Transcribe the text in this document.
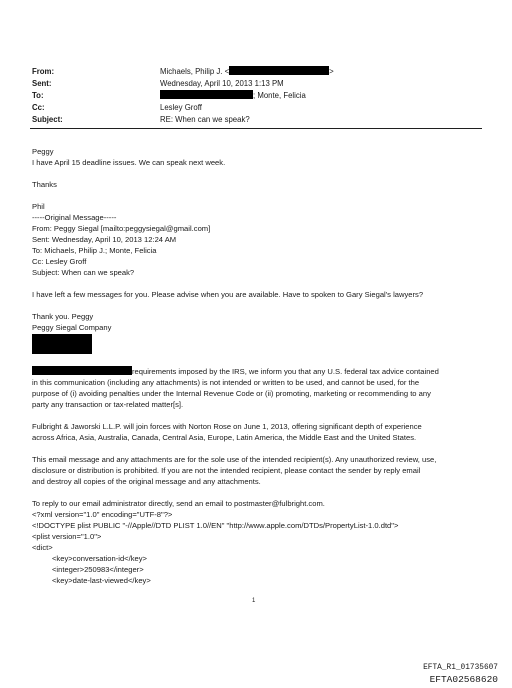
From:	Michaels, Philip J. <	>
Sent:	Wednesday, April 10, 2013 1:13 PM
To:	; Monte, Felicia
Cc:	Lesley Groff
Subject:	RE: When can we speak?

Peggy

I have April 15 deadline issues. We can speak next week.

Thanks

Phil

-----Original Message-----

From: Peggy Siegal [mailto:peggysiegal@gmail.com]

Sent: Wednesday, April 10, 2013 12:24 AM

To: Michaels, Philip J.; Monte, Felicia

Cc: Lesley Groff

Subject: When can we speak?

I have left a few messages for you. Please advise when you are available. Have to spoken to Gary Siegal's lawyers?

Thank you. Peggy

Peggy Siegal Company

requirements imposed by the IRS, we inform you that any U.S. federal tax advice contained

in this communication (including any attachments) is not intended or written to be used, and cannot be used, for the

purpose of (i) avoiding penalties under the Internal Revenue Code or (ii) promoting, marketing or recommending to any

party any transaction or tax-related matter[s].

Fulbright & Jaworski L.L.P. will join forces with Norton Rose on June 1, 2013, offering significant depth of experience

across Africa, Asia, Australia, Canada, Central Asia, Europe, Latin America, the Middle East and the United States.

This email message and any attachments are for the sole use of the intended recipient(s). Any unauthorized review, use,

disclosure or distribution is prohibited. If you are not the intended recipient, please contact the sender by reply email

and destroy all copies of the original message and any attachments.

To reply to our email administrator directly, send an email to postmaster@fulbright.com.

<?xml version="1.0" encoding="UTF-8"?>

<!DOCTYPE plist PUBLIC "-//Apple//DTD PLIST 1.0//EN" "http://www.apple.com/DTDs/PropertyList-1.0.dtd">

<plist version="1.0">

<dict>

<key>conversation-id</key>

<integer>250983</integer>

<key>date-last-viewed</key>

1
EFTA_R1_01735607
EFTA02568620
